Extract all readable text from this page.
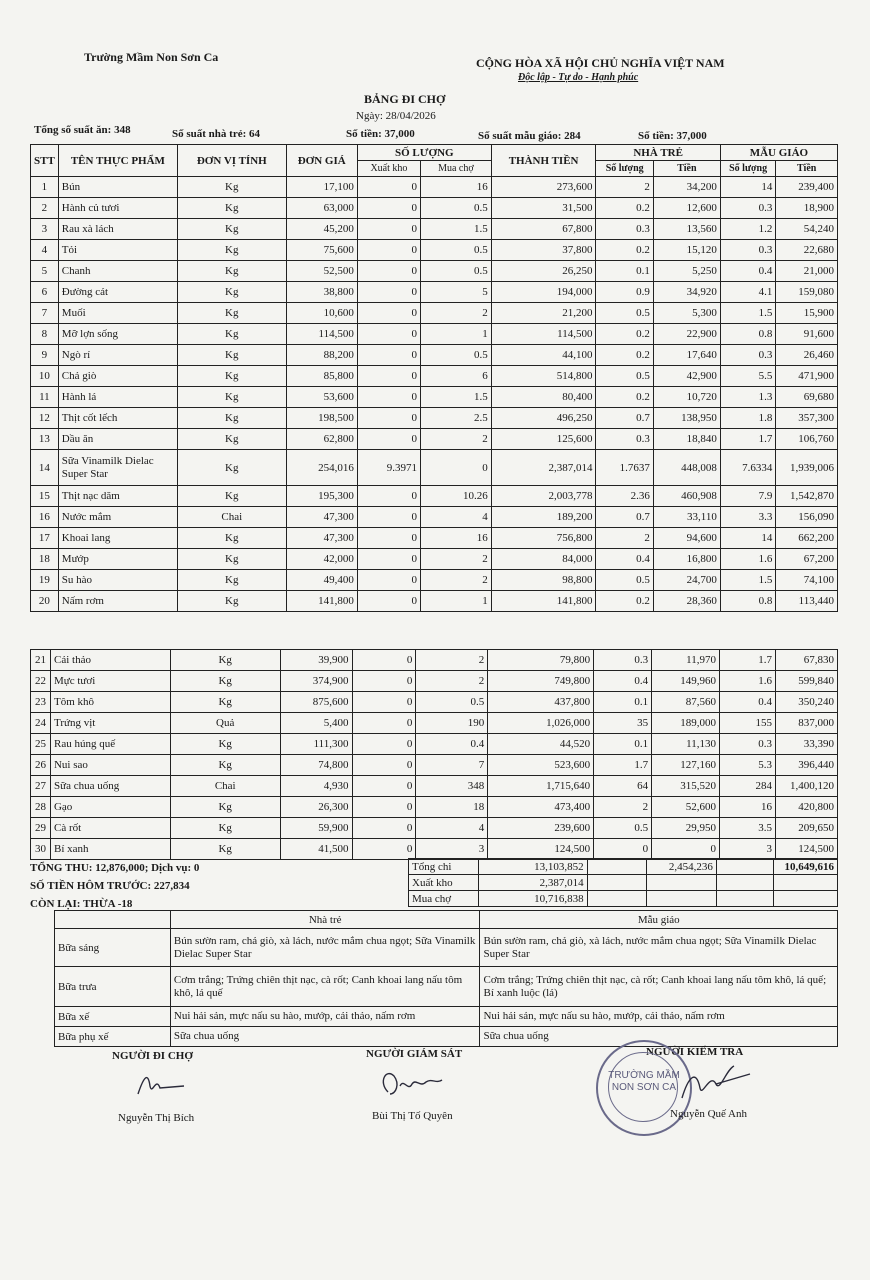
Trường Mầm Non Sơn Ca	CỘNG HÒA XÃ HỘI CHỦ NGHĨA VIỆT NAM
Độc lập - Tự do - Hạnh phúc
BẢNG ĐI CHỢ
Ngày: 28/04/2026
Tổng số suất ăn: 348	Số suất nhà trẻ: 64	Số tiền: 37,000	Số suất mẫu giáo: 284	Số tiền: 37,000
STT	TÊN THỰC PHẨM	ĐƠN VỊ TÍNH	ĐƠN GIÁ	SỐ LƯỢNG		THÀNH TIỀN	NHÀ TRẺ		MẪU GIÁO	
				Xuất kho	Mua chợ		Số lượng	Tiền	Số lượng	Tiền
1	Bún	Kg	17,100	0	16	273,600	2	34,200	14	239,400
2	Hành củ tươi	Kg	63,000	0	0.5	31,500	0.2	12,600	0.3	18,900
3	Rau xà lách	Kg	45,200	0	1.5	67,800	0.3	13,560	1.2	54,240
4	Tỏi	Kg	75,600	0	0.5	37,800	0.2	15,120	0.3	22,680
5	Chanh	Kg	52,500	0	0.5	26,250	0.1	5,250	0.4	21,000
6	Đường cát	Kg	38,800	0	5	194,000	0.9	34,920	4.1	159,080
7	Muối	Kg	10,600	0	2	21,200	0.5	5,300	1.5	15,900
8	Mỡ lợn sống	Kg	114,500	0	1	114,500	0.2	22,900	0.8	91,600
9	Ngò rí	Kg	88,200	0	0.5	44,100	0.2	17,640	0.3	26,460
10	Chả giò	Kg	85,800	0	6	514,800	0.5	42,900	5.5	471,900
11	Hành lá	Kg	53,600	0	1.5	80,400	0.2	10,720	1.3	69,680
12	Thịt cốt lếch	Kg	198,500	0	2.5	496,250	0.7	138,950	1.8	357,300
13	Dầu ăn	Kg	62,800	0	2	125,600	0.3	18,840	1.7	106,760
14	Sữa Vinamilk Dielac Super Star	Kg	254,016	9.3971	0	2,387,014	1.7637	448,008	7.6334	1,939,006
15	Thịt nạc dăm	Kg	195,300	0	10.26	2,003,778	2.36	460,908	7.9	1,542,870
16	Nước mắm	Chai	47,300	0	4	189,200	0.7	33,110	3.3	156,090
17	Khoai lang	Kg	47,300	0	16	756,800	2	94,600	14	662,200
18	Mướp	Kg	42,000	0	2	84,000	0.4	16,800	1.6	67,200
19	Su hào	Kg	49,400	0	2	98,800	0.5	24,700	1.5	74,100
20	Nấm rơm	Kg	141,800	0	1	141,800	0.2	28,360	0.8	113,440
21	Cải thảo	Kg	39,900	0	2	79,800	0.3	11,970	1.7	67,830
22	Mực tươi	Kg	374,900	0	2	749,800	0.4	149,960	1.6	599,840
23	Tôm khô	Kg	875,600	0	0.5	437,800	0.1	87,560	0.4	350,240
24	Trứng vịt	Quả	5,400	0	190	1,026,000	35	189,000	155	837,000
25	Rau húng quế	Kg	111,300	0	0.4	44,520	0.1	11,130	0.3	33,390
26	Nui sao	Kg	74,800	0	7	523,600	1.7	127,160	5.3	396,440
27	Sữa chua uống	Chai	4,930	0	348	1,715,640	64	315,520	284	1,400,120
28	Gạo	Kg	26,300	0	18	473,400	2	52,600	16	420,800
29	Cà rốt	Kg	59,900	0	4	239,600	0.5	29,950	3.5	209,650
30	Bí xanh	Kg	41,500	0	3	124,500	0	0	3	124,500
TỔNG THU: 12,876,000; Dịch vụ: 0
SỐ TIỀN HÔM TRƯỚC: 227,834
CÒN LẠI: THỪA -18
Tổng chi	13,103,852		2,454,236		10,649,616
Xuất kho	2,387,014				
Mua chợ	10,716,838				
	Nhà trẻ	Mẫu giáo
Bữa sáng	Bún sườn ram, chả giò, xà lách, nước mắm chua ngọt; Sữa Vinamilk Dielac Super Star	Bún sườn ram, chả giò, xà lách, nước mắm chua ngọt; Sữa Vinamilk Dielac Super Star
Bữa trưa	Cơm trắng; Trứng chiên thịt nạc, cà rốt; Canh khoai lang nấu tôm khô, lá quế	Cơm trắng; Trứng chiên thịt nạc, cà rốt; Canh khoai lang nấu tôm khô, lá quế; Bí xanh luộc (lá)
Bữa xế	Nui hải sản, mực nấu su hào, mướp, cải thảo, nấm rơm	Nui hải sản, mực nấu su hào, mướp, cải thảo, nấm rơm
Bữa phụ xế	Sữa chua uống	Sữa chua uống
NGƯỜI ĐI CHỢ
Nguyễn Thị Bích
NGƯỜI GIÁM SÁT
Bùi Thị Tố Quyên
NGƯỜI KIỂM TRA
TRƯỜNG MẦM NON SƠN CA
Nguyễn Quế Anh
